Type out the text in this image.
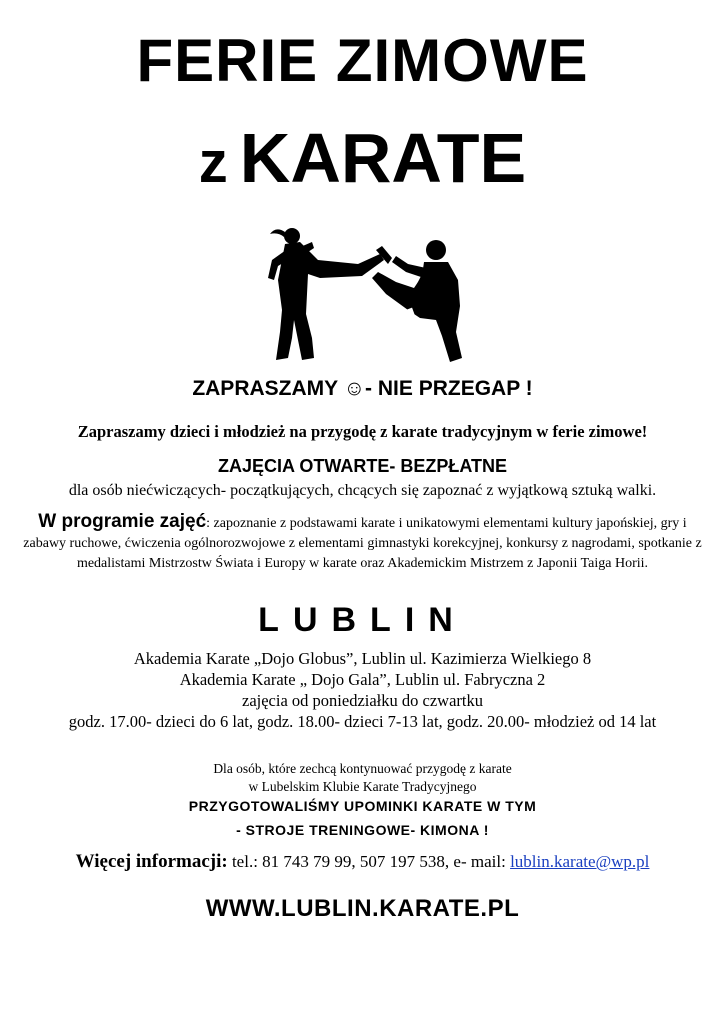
FERIE ZIMOWE
z KARATE
ZAPRASZAMY ☺- NIE PRZEGAP !
Zapraszamy dzieci i młodzież na przygodę z karate tradycyjnym w ferie zimowe!
ZAJĘCIA OTWARTE- BEZPŁATNE
dla osób niećwiczących- początkujących, chcących się zapoznać z wyjątkową sztuką walki.
W programie zajęć: zapoznanie z podstawami karate i unikatowymi elementami kultury japońskiej, gry i zabawy ruchowe, ćwiczenia ogólnorozwojowe z elementami gimnastyki korekcyjnej, konkursy z nagrodami, spotkanie z medalistami Mistrzostw Świata i Europy w karate oraz Akademickim Mistrzem z Japonii Taiga Horii.
LUBLIN
Akademia Karate „Dojo Globus”, Lublin ul. Kazimierza Wielkiego 8
Akademia Karate „ Dojo Gala”, Lublin ul. Fabryczna 2
zajęcia od poniedziałku do czwartku
godz. 17.00- dzieci do 6 lat, godz. 18.00- dzieci 7-13 lat, godz. 20.00- młodzież od 14 lat
Dla osób, które zechcą kontynuować przygodę z karate
w Lubelskim Klubie Karate Tradycyjnego
PRZYGOTOWALIŚMY UPOMINKI KARATE W TYM
- STROJE TRENINGOWE- KIMONA !
Więcej informacji: tel.: 81 743 79 99, 507 197 538, e- mail: lublin.karate@wp.pl
WWW.LUBLIN.KARATE.PL
